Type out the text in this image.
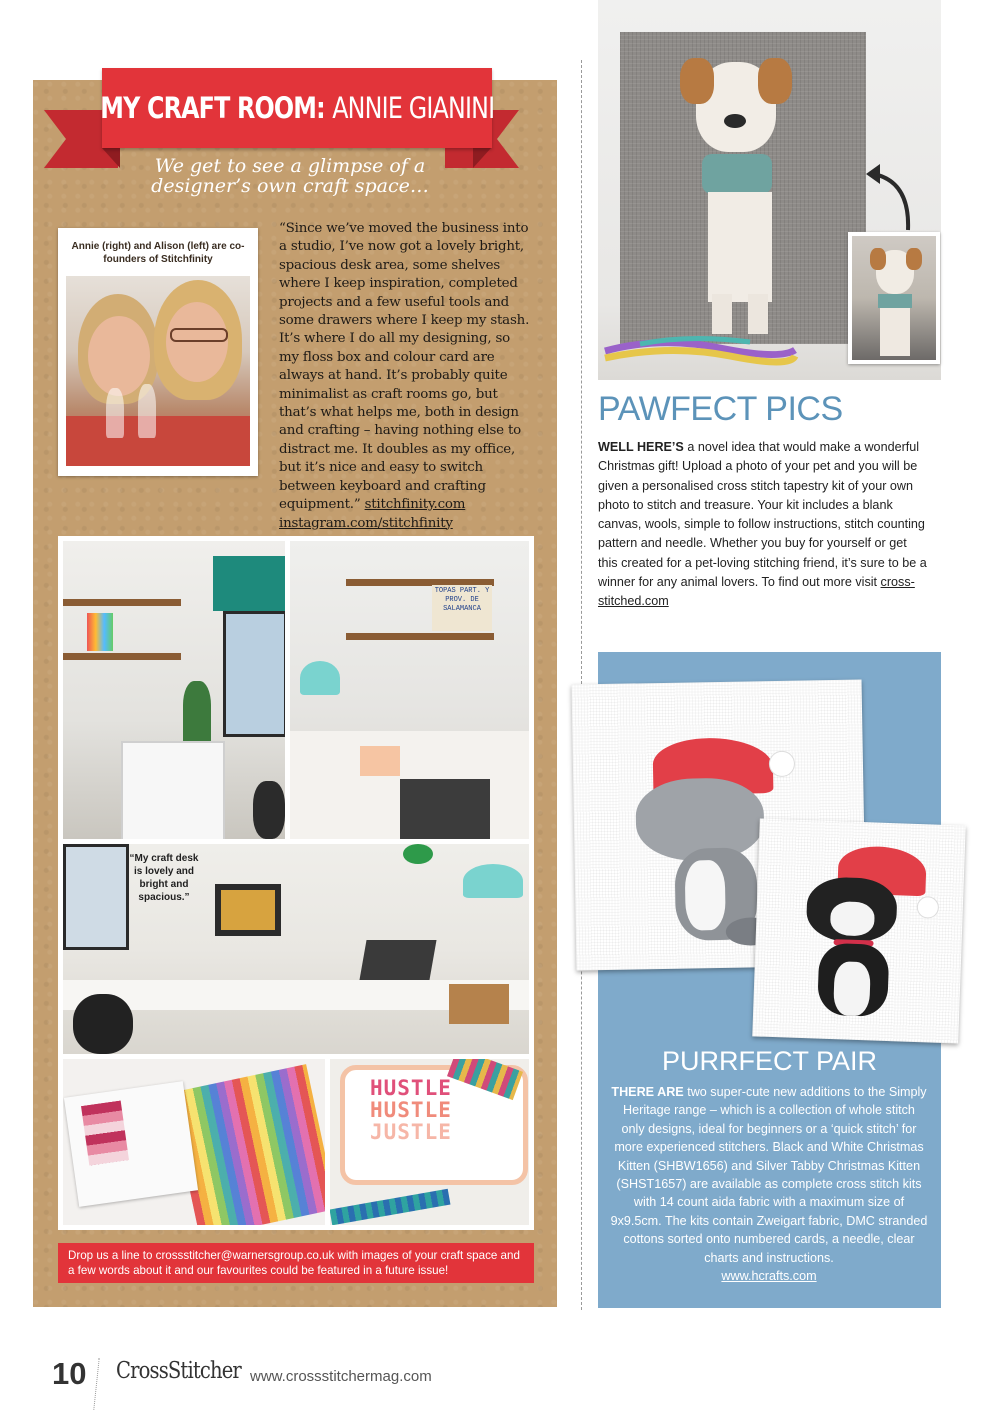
MY CRAFT ROOM: ANNIE GIANINI
We get to see a glimpse of a designer’s own craft space…
Annie (right) and Alison (left) are co-founders of Stitchfinity
“Since we’ve moved the business into a studio, I’ve now got a lovely bright, spacious desk area, some shelves where I keep inspiration, completed projects and a few useful tools and some drawers where I keep my stash. It’s where I do all my designing, so my floss box and colour card are always at hand. It’s probably quite minimalist as craft rooms go, but that’s what helps me, both in design and crafting – having nothing else to distract me. It doubles as my office, but it’s nice and easy to switch between keyboard and crafting equipment.” stitchfinity.com instagram.com/stitchfinity
TOPAS PART. Y PROV. DE SALAMANCA
“My craft desk is lovely and bright and spacious.”
HUSTLE
HUSTLE
JUSTLE
Drop us a line to crossstitcher@warnersgroup.co.uk with images of your craft space and a few words about it and our favourites could be featured in a future issue!
PAWFECT PICS
WELL HERE’S a novel idea that would make a wonderful Christmas gift! Upload a photo of your pet and you will be given a personalised cross stitch tapestry kit of your own photo to stitch and treasure. Your kit includes a blank canvas, wools, simple to follow instructions, stitch counting pattern and needle. Whether you buy for yourself or get this created for a pet-loving stitching friend, it’s sure to be a winner for any animal lovers. To find out more visit cross-stitched.com
PURRFECT PAIR
THERE ARE two super-cute new additions to the Simply Heritage range – which is a collection of whole stitch only designs, ideal for beginners or a ‘quick stitch’ for more experienced stitchers. Black and White Christmas Kitten (SHBW1656) and Silver Tabby Christmas Kitten (SHST1657) are available as complete cross stitch kits with 14 count aida fabric with a maximum size of 9x9.5cm. The kits contain Zweigart fabric, DMC stranded cottons sorted onto numbered cards, a needle, clear charts and instructions.
www.hcrafts.com
10 CrossStitcher www.crossstitchermag.com
